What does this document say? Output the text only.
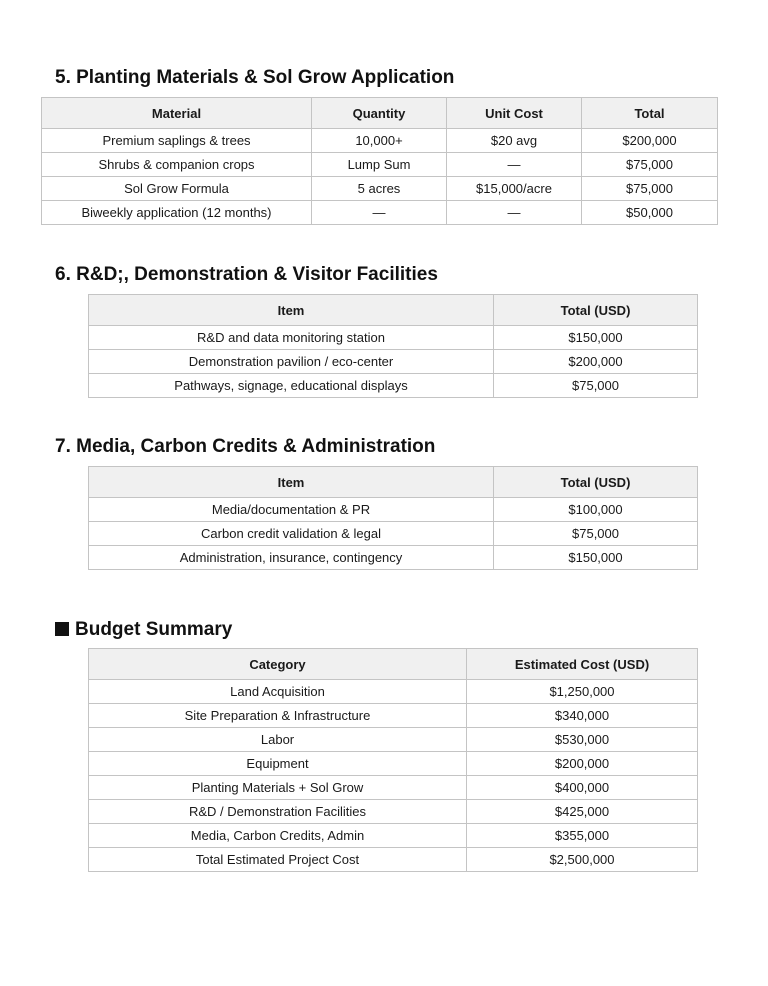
5. Planting Materials & Sol Grow Application
Material	Quantity	Unit Cost	Total
Premium saplings & trees	10,000+	$20 avg	$200,000
Shrubs & companion crops	Lump Sum	—	$75,000
Sol Grow Formula	5 acres	$15,000/acre	$75,000
Biweekly application (12 months)	—	—	$50,000
6. R&D;, Demonstration & Visitor Facilities
Item	Total (USD)
R&D and data monitoring station	$150,000
Demonstration pavilion / eco-center	$200,000
Pathways, signage, educational displays	$75,000
7. Media, Carbon Credits & Administration
Item	Total (USD)
Media/documentation & PR	$100,000
Carbon credit validation & legal	$75,000
Administration, insurance, contingency	$150,000
Budget Summary
Category	Estimated Cost (USD)
Land Acquisition	$1,250,000
Site Preparation & Infrastructure	$340,000
Labor	$530,000
Equipment	$200,000
Planting Materials + Sol Grow	$400,000
R&D / Demonstration Facilities	$425,000
Media, Carbon Credits, Admin	$355,000
Total Estimated Project Cost	$2,500,000
